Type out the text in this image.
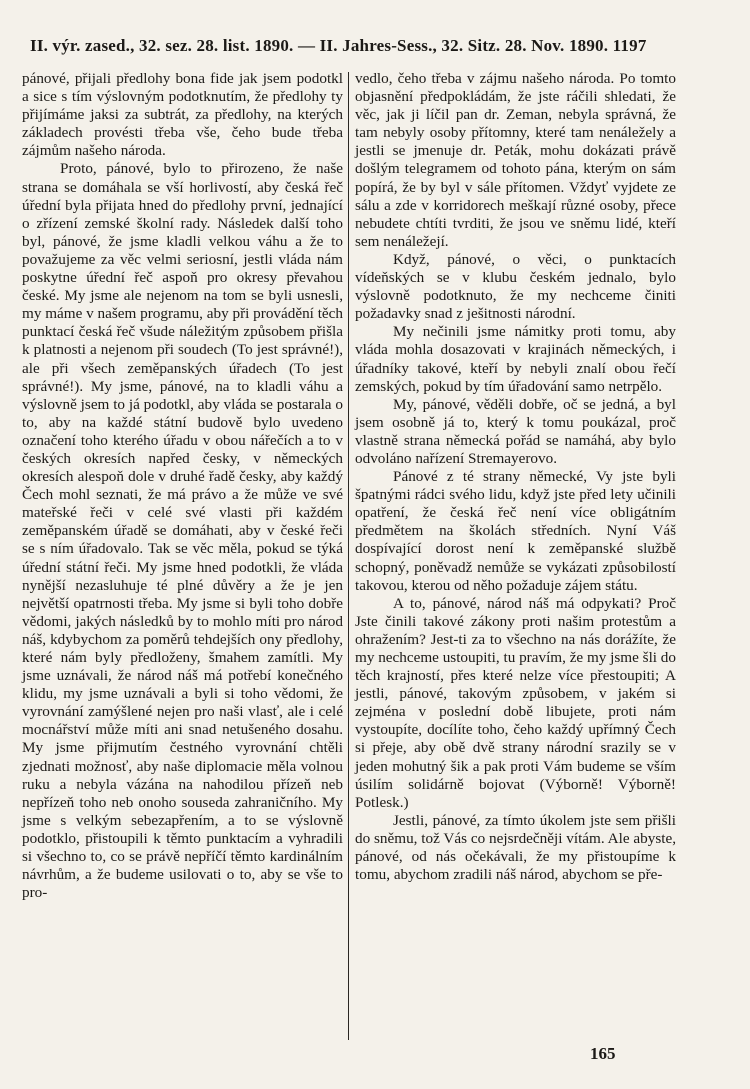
II. výr. zased., 32. sez. 28. list. 1890. — II. Jahres-Sess., 32. Sitz. 28. Nov. 1890. 1197

pánové, přijali předlohy bona fide jak jsem podotkl a sice s tím výslovným podotknutím, že předlohy ty přijímáme jaksi za subtrát, za předlohy, na kterých základech provésti třeba vše, čeho bude třeba zájmům našeho národa.

Proto, pánové, bylo to přirozeno, že naše strana se domáhala se vší horlivostí, aby česká řeč úřední byla přijata hned do předlohy první, jednající o zřízení zemské školní rady. Následek další toho byl, pánové, že jsme kladli velkou váhu a že to považujeme za věc velmi seriosní, jestli vláda nám poskytne úřední řeč aspoň pro okresy převahou české. My jsme ale nejenom na tom se byli usnesli, my máme v našem programu, aby při provádění těch punktací česká řeč všude náležitým způsobem přišla k platnosti a nejenom při soudech (To jest správné!), ale při všech zeměpanských úřadech (To jest správné!). My jsme, pánové, na to kladli váhu a výslovně jsem to já podotkl, aby vláda se postarala o to, aby na každé státní budově bylo uvedeno označení toho kterého úřadu v obou nářečích a to v českých okresích napřed česky, v německých okresích alespoň dole v druhé řadě česky, aby každý Čech mohl seznati, že má právo a že může ve své mateřské řeči v celé své vlasti při každém zeměpanském úřadě se domáhati, aby v české řeči se s ním úřadovalo. Tak se věc měla, pokud se týká úřední státní řeči. My jsme hned podotkli, že vláda nynější nezasluhuje té plné důvěry a že je jen největší opatrnosti třeba. My jsme si byli toho dobře vědomi, jakých následků by to mohlo míti pro národ náš, kdybychom za poměrů tehdejších ony předlohy, které nám byly předloženy, šmahem zamítli. My jsme uznávali, že národ náš má potřebí konečného klidu, my jsme uznávali a byli si toho vědomi, že vyrovnání zamýšlené nejen pro naši vlasť, ale i celé mocnářství může míti ani snad netušeného dosahu. My jsme přijmutím čestného vyrovnání chtěli zjednati možnosť, aby naše diplomacie měla volnou ruku a nebyla vázána na nahodilou přízeň neb nepřízeň toho neb onoho souseda zahraničního. My jsme s velkým sebezapřením, a to se výslovně podotklo, přistoupili k těmto punktacím a vyhradili si všechno to, co se právě nepříčí těmto kardinálním návrhům, a že budeme usilovati o to, aby se vše to pro-

vedlo, čeho třeba v zájmu našeho národa. Po tomto objasnění předpokládám, že jste ráčili shledati, že věc, jak ji líčil pan dr. Zeman, nebyla správná, že tam nebyly osoby přítomny, které tam nenáležely a jestli se jmenuje dr. Peták, mohu dokázati právě došlým telegramem od tohoto pána, kterým on sám popírá, že by byl v sále přítomen. Vždyť vyjdete ze sálu a zde v korridorech meškají různé osoby, přece nebudete chtíti tvrditi, že jsou ve sněmu lidé, kteří sem nenáležejí.

Když, pánové, o věci, o punktacích vídeňských se v klubu českém jednalo, bylo výslovně podotknuto, že my nechceme činiti požadavky snad z ješitnosti národní.

My nečinili jsme námitky proti tomu, aby vláda mohla dosazovati v krajinách německých, i úřadníky takové, kteří by nebyli znalí obou řečí zemských, pokud by tím úřadování samo netrpělo.

My, pánové, věděli dobře, oč se jedná, a byl jsem osobně já to, který k tomu poukázal, proč vlastně strana německá pořád se namáhá, aby bylo odvoláno nařízení Stremayerovo.

Pánové z té strany německé, Vy jste byli špatnými rádci svého lidu, když jste před lety učinili opatření, že česká řeč není více obligátním předmětem na školách středních. Nyní Váš dospívající dorost není k zeměpanské službě schopný, poněvadž nemůže se vykázati způsobilostí takovou, kterou od něho požaduje zájem státu.

A to, pánové, národ náš má odpykati? Proč Jste činili takové zákony proti našim protestům a ohražením? Jest-ti za to všechno na nás dorážíte, že my nechceme ustoupiti, tu pravím, že my jsme šli do těch krajností, přes které nelze více přestoupiti; A jestli, pánové, takovým způsobem, v jakém si zejména v poslední době libujete, proti nám vystoupíte, docílíte toho, čeho každý upřímný Čech si přeje, aby obě dvě strany národní srazily se v jeden mohutný šik a pak proti Vám budeme se vším úsilím solidárně bojovat (Výborně! Výborně! Potlesk.)

Jestli, pánové, za tímto úkolem jste sem přišli do sněmu, tož Vás co nejsrdečněji vítám. Ale abyste, pánové, od nás očekávali, že my přistoupíme k tomu, abychom zradili náš národ, abychom se pře-

165
